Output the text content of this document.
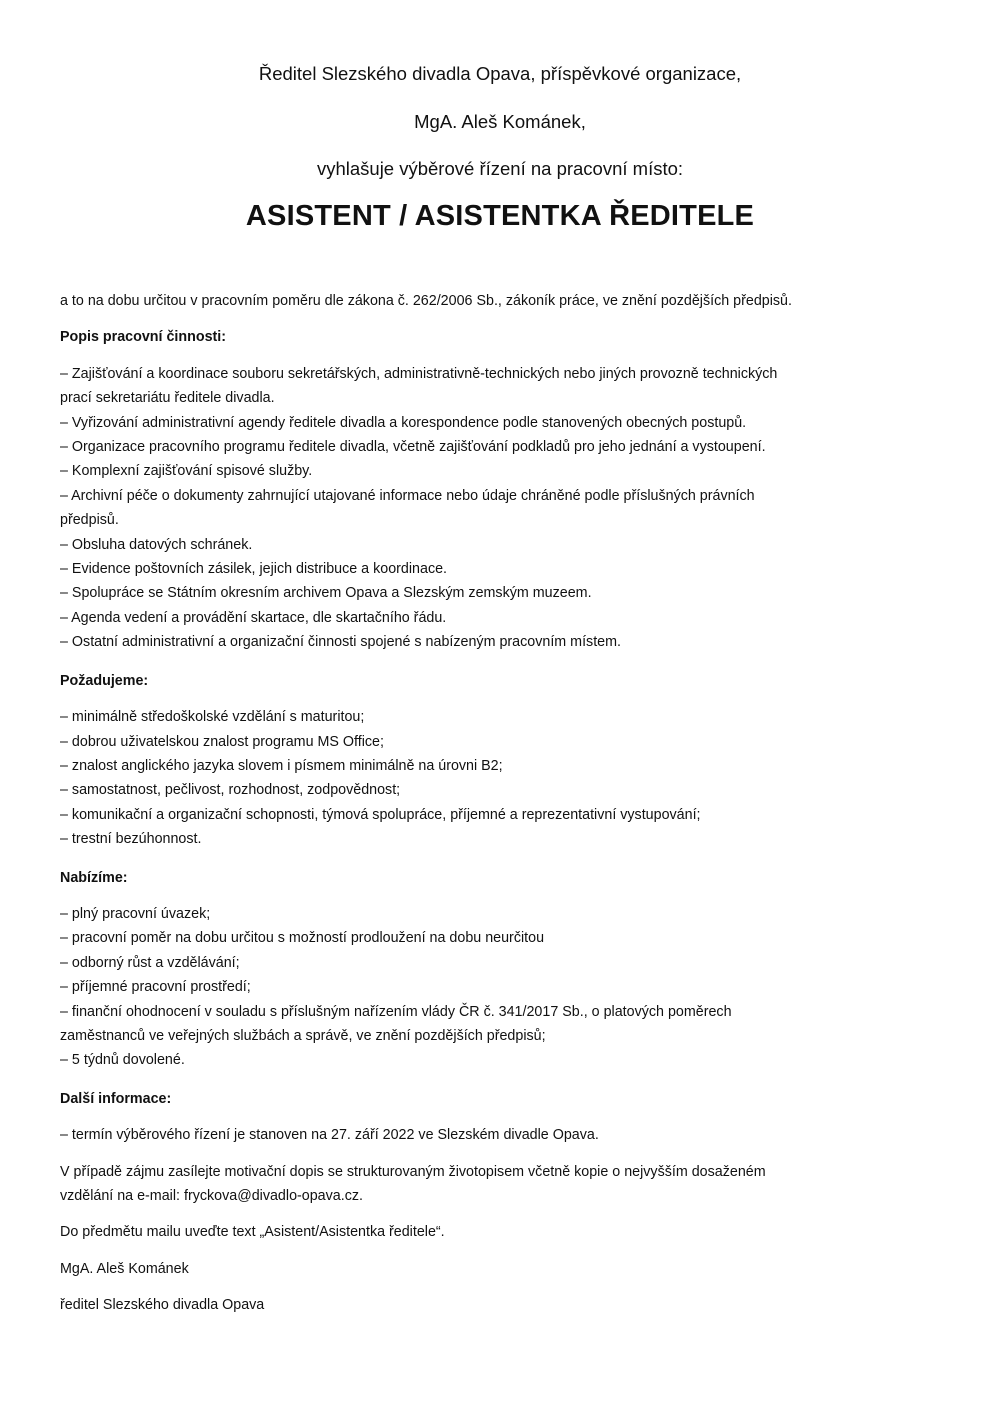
Ředitel Slezského divadla Opava, příspěvkové organizace,
MgA. Aleš Kománek,
vyhlašuje výběrové řízení na pracovní místo:
ASISTENT / ASISTENTKA ŘEDITELE

a to na dobu určitou v pracovním poměru dle zákona č. 262/2006 Sb., zákoník práce, ve znění pozdějších předpisů.

Popis pracovní činnosti:

– Zajišťování a koordinace souboru sekretářských, administrativně-technických nebo jiných provozně technických
prací sekretariátu ředitele divadla.
– Vyřizování administrativní agendy ředitele divadla a korespondence podle stanovených obecných postupů.
– Organizace pracovního programu ředitele divadla, včetně zajišťování podkladů pro jeho jednání a vystoupení.
– Komplexní zajišťování spisové služby.
– Archivní péče o dokumenty zahrnující utajované informace nebo údaje chráněné podle příslušných právních
předpisů.
– Obsluha datových schránek.
– Evidence poštovních zásilek, jejich distribuce a koordinace.
– Spolupráce se Státním okresním archivem Opava a Slezským zemským muzeem.
– Agenda vedení a provádění skartace, dle skartačního řádu.
– Ostatní administrativní a organizační činnosti spojené s nabízeným pracovním místem.

Požadujeme:

– minimálně středoškolské vzdělání s maturitou;
– dobrou uživatelskou znalost programu MS Office;
– znalost anglického jazyka slovem i písmem minimálně na úrovni B2;
– samostatnost, pečlivost, rozhodnost, zodpovědnost;
– komunikační a organizační schopnosti, týmová spolupráce, příjemné a reprezentativní vystupování;
– trestní bezúhonnost.

Nabízíme:

– plný pracovní úvazek;
– pracovní poměr na dobu určitou s možností prodloužení na dobu neurčitou
– odborný růst a vzdělávání;
– příjemné pracovní prostředí;
– finanční ohodnocení v souladu s příslušným nařízením vlády ČR č. 341/2017 Sb., o platových poměrech
zaměstnanců ve veřejných službách a správě, ve znění pozdějších předpisů;
– 5 týdnů dovolené.

Další informace:

– termín výběrového řízení je stanoven na 27. září 2022 ve Slezském divadle Opava.

V případě zájmu zasílejte motivační dopis se strukturovaným životopisem včetně kopie o nejvyšším dosaženém

vzdělání na e-mail: fryckova@divadlo-opava.cz.

Do předmětu mailu uveďte text „Asistent/Asistentka ředitele“.

MgA. Aleš Kománek

ředitel Slezského divadla Opava
